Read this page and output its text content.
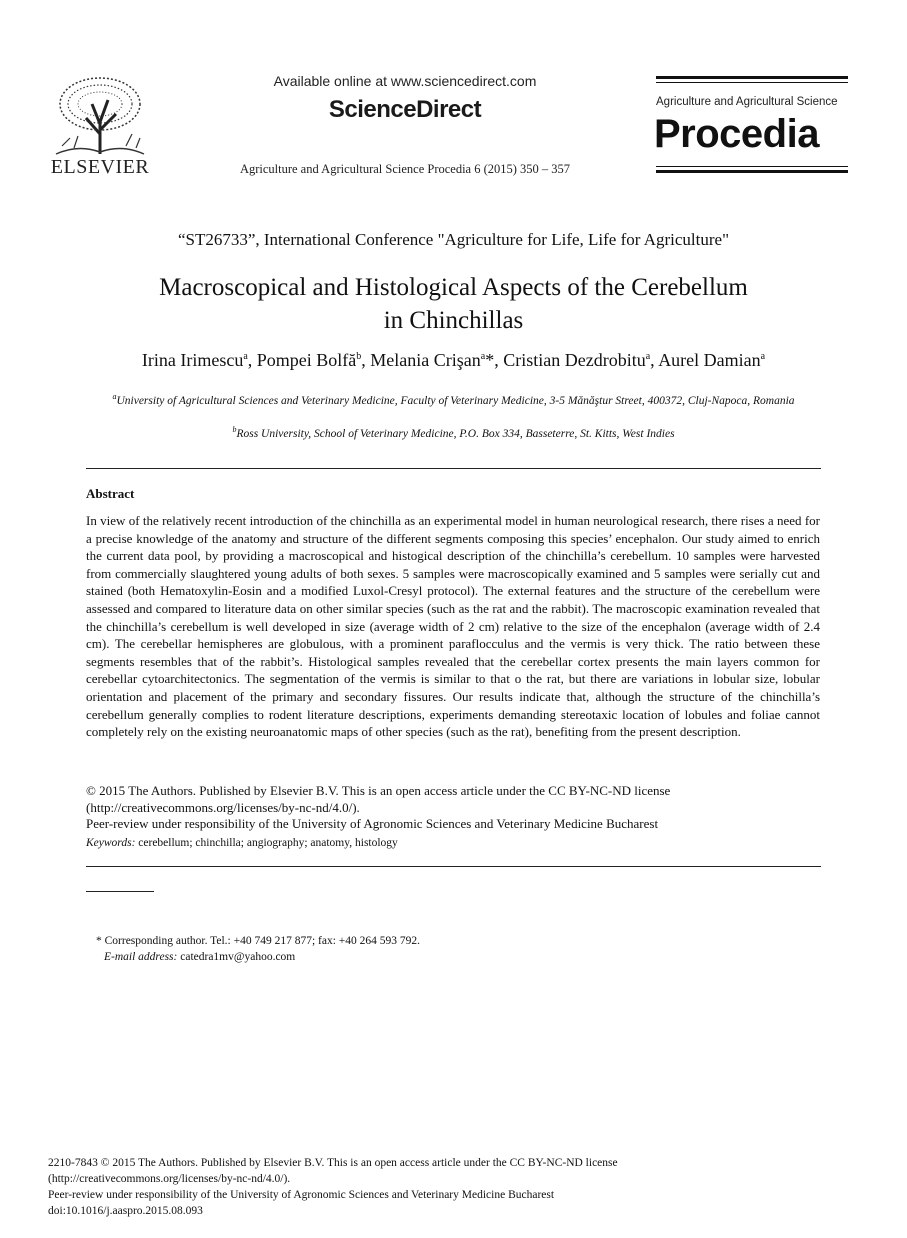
ELSEVIER
Available online at www.sciencedirect.com
ScienceDirect
Agriculture and Agricultural Science Procedia 6 (2015) 350 – 357
Agriculture and Agricultural Science
Procedia
“ST26733”, International Conference "Agriculture for Life, Life for Agriculture"
Macroscopical and Histological Aspects of the Cerebellum
in Chinchillas
Irina Irimescu$^a$, Pompei Bolfă$^b$, Melania Crişan$^a$*, Cristian Dezdrobitu$^a$, Aurel Damian$^a$
$^a$University of Agricultural Sciences and Veterinary Medicine, Faculty of Veterinary Medicine, 3-5 Mănăştur Street, 400372, Cluj-Napoca, Romania
$^b$Ross University, School of Veterinary Medicine, P.O. Box 334, Basseterre, St. Kitts, West Indies
Abstract
In view of the relatively recent introduction of the chinchilla as an experimental model in human neurological research, there rises a need for a precise knowledge of the anatomy and structure of the different segments composing this species’ encephalon. Our study aimed to enrich the current data pool, by providing a macroscopical and histogical description of the chinchilla’s cerebellum. 10 samples were harvested from commercially slaughtered young adults of both sexes. 5 samples were macroscopically examined and 5 samples were serially cut and stained (both Hematoxylin-Eosin and a modified Luxol-Cresyl protocol). The external features and the structure of the cerebellum were assessed and compared to literature data on other similar species (such as the rat and the rabbit). The macroscopic examination revealed that the chinchilla’s cerebellum is well developed in size (average width of 2 cm) relative to the size of the encephalon (average width of 2.4 cm). The cerebellar hemispheres are globulous, with a prominent paraflocculus and the vermis is very thick. The ratio between these segments resembles that of the rabbit’s. Histological samples revealed that the cerebellar cortex presents the main layers common for cerebellar cytoarchitectonics. The segmentation of the vermis is similar to that o the rat, but there are variations in lobular size, lobular orientation and placement of the primary and secondary fissures. Our results indicate that, although the structure of the chinchilla’s cerebellum generally complies to rodent literature descriptions, experiments demanding stereotaxic location of lobules and foliae cannot completely rely on the existing neuroanatomic maps of other species (such as the rat), benefiting from the present description.
© 2015 The Authors. Published by Elsevier B.V. This is an open access article under the CC BY-NC-ND license (http://creativecommons.org/licenses/by-nc-nd/4.0/).
Peer-review under responsibility of the University of Agronomic Sciences and Veterinary Medicine Bucharest
Keywords: cerebellum; chinchilla; angiography; anatomy, histology
* Corresponding author. Tel.: +40 749 217 877; fax: +40 264 593 792.
E-mail address: catedra1mv@yahoo.com
2210-7843 © 2015 The Authors. Published by Elsevier B.V. This is an open access article under the CC BY-NC-ND license
(http://creativecommons.org/licenses/by-nc-nd/4.0/).
Peer-review under responsibility of the University of Agronomic Sciences and Veterinary Medicine Bucharest
doi:10.1016/j.aaspro.2015.08.093
